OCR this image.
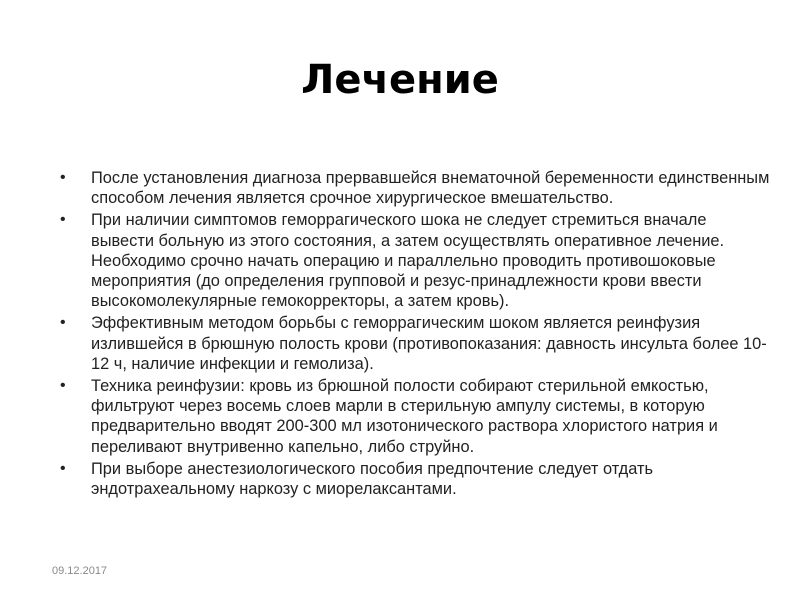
Лечение
•	После установления диагноза прервавшейся внематочной беременности единственным способом лечения является срочное хирургическое вмешательство.
•	При наличии симптомов геморрагического шока не следует стремиться вначале вывести больную из этого состояния, а затем осуществлять оперативное лечение. Необходимо срочно начать операцию и параллельно проводить противошоковые мероприятия (до определения групповой и резус-принадлежности крови ввести высокомолекулярные гемокорректоры, а затем кровь).
•	Эффективным методом борьбы с геморрагическим шоком является реинфузия излившейся в брюшную полость крови (противопоказания: давность инсульта более 10-12 ч, наличие инфекции и гемолиза).
•	Техника реинфузии: кровь из брюшной полости собирают стерильной емкостью, фильтруют через восемь слоев марли в стерильную ампулу системы, в которую предварительно вводят 200-300 мл изотонического раствора хлористого натрия и переливают внутривенно капельно, либо струйно.
•	При выборе анестезиологического пособия предпочтение следует отдать эндотрахеальному наркозу с миорелаксантами.
09.12.2017
